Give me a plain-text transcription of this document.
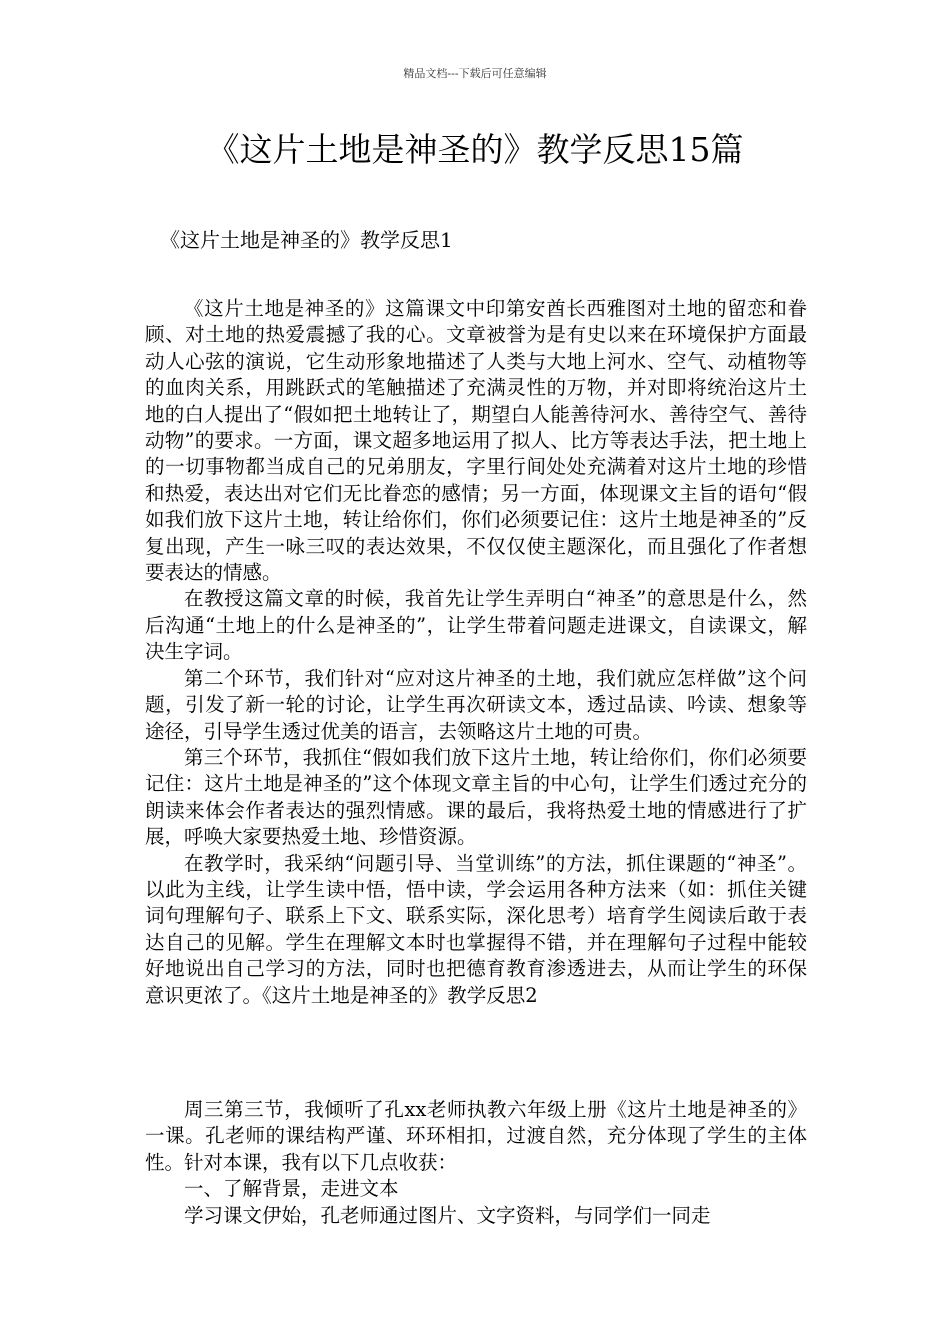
精品文档---下载后可任意编辑
《这片土地是神圣的》教学反思15篇
《这片土地是神圣的》教学反思1

《这片土地是神圣的》这篇课文中印第安酋长西雅图对土地的留恋和眷顾、对土地的热爱震撼了我的心。文章被誉为是有史以来在环境保护方面最动人心弦的演说，它生动形象地描述了人类与大地上河水、空气、动植物等的血肉关系，用跳跃式的笔触描述了充满灵性的万物，并对即将统治这片土地的白人提出了“假如把土地转让了，期望白人能善待河水、善待空气、善待动物”的要求。一方面，课文超多地运用了拟人、比方等表达手法，把土地上的一切事物都当成自己的兄弟朋友，字里行间处处充满着对这片土地的珍惜和热爱，表达出对它们无比眷恋的感情；另一方面，体现课文主旨的语句“假如我们放下这片土地，转让给你们，你们必须要记住：这片土地是神圣的”反复出现，产生一咏三叹的表达效果，不仅仅使主题深化，而且强化了作者想要表达的情感。

在教授这篇文章的时候，我首先让学生弄明白“神圣”的意思是什么，然后沟通“土地上的什么是神圣的”，让学生带着问题走进课文，自读课文，解决生字词。

第二个环节，我们针对“应对这片神圣的土地，我们就应怎样做”这个问题，引发了新一轮的讨论，让学生再次研读文本，透过品读、吟读、想象等途径，引导学生透过优美的语言，去领略这片土地的可贵。

第三个环节，我抓住“假如我们放下这片土地，转让给你们，你们必须要记住：这片土地是神圣的”这个体现文章主旨的中心句，让学生们透过充分的朗读来体会作者表达的强烈情感。课的最后，我将热爱土地的情感进行了扩展，呼唤大家要热爱土地、珍惜资源。

在教学时，我采纳“问题引导、当堂训练”的方法，抓住课题的“神圣”。以此为主线，让学生读中悟，悟中读，学会运用各种方法来（如：抓住关键词句理解句子、联系上下文、联系实际，深化思考）培育学生阅读后敢于表达自己的见解。学生在理解文本时也掌握得不错，并在理解句子过程中能较好地说出自己学习的方法，同时也把德育教育渗透进去，从而让学生的环保意识更浓了。《这片土地是神圣的》教学反思2

周三第三节，我倾听了孔xx老师执教六年级上册《这片土地是神圣的》一课。孔老师的课结构严谨、环环相扣，过渡自然，充分体现了学生的主体性。针对本课，我有以下几点收获：

一、了解背景，走进文本

学习课文伊始，孔老师通过图片、文字资料，与同学们一同走
